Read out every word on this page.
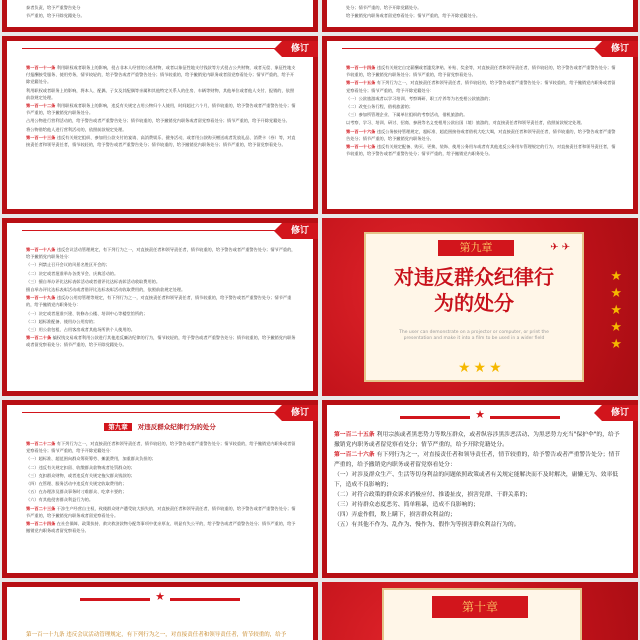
泰者负责，给予严重警告处分

节严重的，给予开除党籍处分。

处分；情节严重的，给予开除党籍处分。

给予撤销党内职务或者留党察看处分；情节严重的，给予开除党籍处分。

修订

第一百一十一条 利用职权或者职务上的影响，侵占非本人经营的公私财物，或者以象征性地支付钱款等方式侵占公共财物，或者无偿、象征性地支付报酬接受服务、使用劳务，情节较轻的，给予警告或者严重警告处分；情节较重的，给予撤销党内职务或者留党察看处分；情节严重的，给予开除党籍处分。

利用职权或者职务上的影响，将本人、配偶、子女及其配偶等亲属和其他特定关系人的住房、车辆等财物，其他单位或者他人支付、报销的，依照前款规定处理。

第一百一十二条 利用职权或者职务上的影响，违反有关规定占用公物归个人使用，时间超过六个月，情节较重的，给予警告或者严重警告处分；情节严重的，给予撤销党内职务处分。

占用公物进行营利活动的，给予警告或者严重警告处分；情节较重的，给予撤销党内职务或者留党察看处分；情节严重的，给予开除党籍处分。

将公物借给他人进行营利活动的，依照前款规定处理。

第一百一十三条 违反有关规定组织、参加用公款支付的宴请、高消费娱乐、健身活动，或者用公款购买赠送或者发放礼品、消费卡（券）等，对直接责任者和领导责任者，情节较轻的，给予警告或者严重警告处分；情节较重的，给予撤销党内职务处分；情节严重的，给予留党察看处分。

修订

第一百一十四条 违反有关规定自定薪酬或者滥发津贴、补贴、奖金等，对直接责任者和领导责任者，情节较轻的，给予警告或者严重警告处分；情节较重的，给予撤销党内职务处分；情节严重的，给予留党察看处分。

第一百一十五条 有下列行为之一，对直接责任者和领导责任者，情节较轻的，给予警告或者严重警告处分；情节较重的，给予撤销党内职务或者留党察看处分；情节严重的，给予开除党籍处分：

（一）公款旅游或者以学习培训、考察调研、职工疗养等为名变相公款旅游的；

（二）改变公务行程，借机旅游的；

（三）参加所管理企业、下属单位组织的考察活动，借机旅游的。

以考察、学习、培训、研讨、招商、参展等名义变相用公款出国（境）旅游的，对直接责任者和领导责任者，依照前款规定处理。

第一百一十六条 违反公务接待管理规定，超标准、超范围接待或者借机大吃大喝，对直接责任者和领导责任者，情节较重的，给予警告或者严重警告处分；情节严重的，给予撤销党内职务处分。

第一百一十七条 违反有关规定配备、购买、更换、装饰、使用公务用车或者有其他违反公务用车管理规定的行为，对直接责任者和领导责任者，情节较重的，给予警告或者严重警告处分；情节严重的，给予撤销党内职务处分。

修订

第一百一十八条 违反会议活动管理规定，有下列行为之一，对直接责任者和领导责任者，情节较重的，给予警告或者严重警告处分；情节严重的，给予撤销党内职务处分：

（一）到禁止召开会议的风景名胜区开会的；

（二）决定或者批准举办各类节会、庆典活动的。

（三）擅自举办评比达标表彰活动或者借评比达标表彰活动收取费用的。

擅自举办评比达标表彰活动或者借评比达标表彰活动收取费用的，依照前款规定处理。

第一百一十九条 违反办公用房管理等规定，有下列行为之一，对直接责任者和领导责任者，情节较重的，给予警告或者严重警告处分；情节严重的，给予撤销党内职务处分：

（一）决定或者批准兴建、装修办公楼、培训中心等楼堂馆所的；

（二）超标准配备、使用办公用房的；

（三）用公款包租、占用客房或者其他场所供个人使用的。

第一百二十条 搞权钱交易或者利用公款进行其他违反廉洁纪律的行为，情节较轻的，给予警告或者严重警告处分；情节较重的，给予撤销党内职务或者留党察看处分；情节严重的，给予开除党籍处分。

第九章
对违反群众纪律行
为的处分
The user can demonstrate on a projector or computer, or print the
presentation and make it into a film to be used in a wider field
★★★
✈ ✈
★
★
★
★
★
修订
第九章 对违反群众纪律行为的处分

第一百二十二条 有下列行为之一，对直接责任者和领导责任者，情节较轻的，给予警告或者严重警告处分；情节较重的，给予撤销党内职务或者留党察看处分；情节严重的，给予开除党籍处分：

（一）超标准、超范围向群众筹资筹劳、摊派费用，加重群众负担的；

（二）违反有关规定扣留、收缴群众款物或者处罚群众的；

（三）克扣群众财物，或者违反有关规定拖欠群众钱款的；

（四）在管理、服务活动中违反有关规定收取费用的；

（五）在办理涉及群众事务时刁难群众、吃拿卡要的；

（六）有其他侵害群众利益行为的。

第一百二十三条 干涉生产经营自主权，致使群众财产遭受较大损失的，对直接责任者和领导责任者，情节较重的，给予警告或者严重警告处分；情节严重的，给予撤销党内职务或者留党察看处分。

第一百二十四条 在社会保障、政策扶持、救灾救济款物分配等事项中优亲厚友、明显有失公平的，给予警告或者严重警告处分；情节严重的，给予撤销党内职务或者留党察看处分。

★	修订

第一百二十五条 利用宗族或者黑恶势力等欺压群众，或者纵容涉黑涉恶活动、为黑恶势力充当"保护伞"的，给予撤销党内职务或者留党察看处分；情节严重的，给予开除党籍处分。

第一百二十六条 有下列行为之一，对直接责任者和领导责任者，情节较重的，给予警告或者严重警告处分；情节严重的，给予撤销党内职务或者留党察看处分：

（一）对涉及群众生产、生活等切身利益的问题依照政策或者有关规定能解决而不及时解决，庸懒无为、效率低下，造成不良影响的；

（二）对符合政策的群众诉求消极应付、推诿扯皮，损害党群、干群关系的；

（三）对待群众态度恶劣、简单粗暴，造成不良影响的；

（四）弄虚作假，欺上瞒下，损害群众利益的；

（五）有其他不作为、乱作为、慢作为、假作为等损害群众利益行为的。

★

第一百一十九条 违反会议活动管理规定，有下列行为之一，对直接责任者和领导责任者，情节较重的，给予

第十章
